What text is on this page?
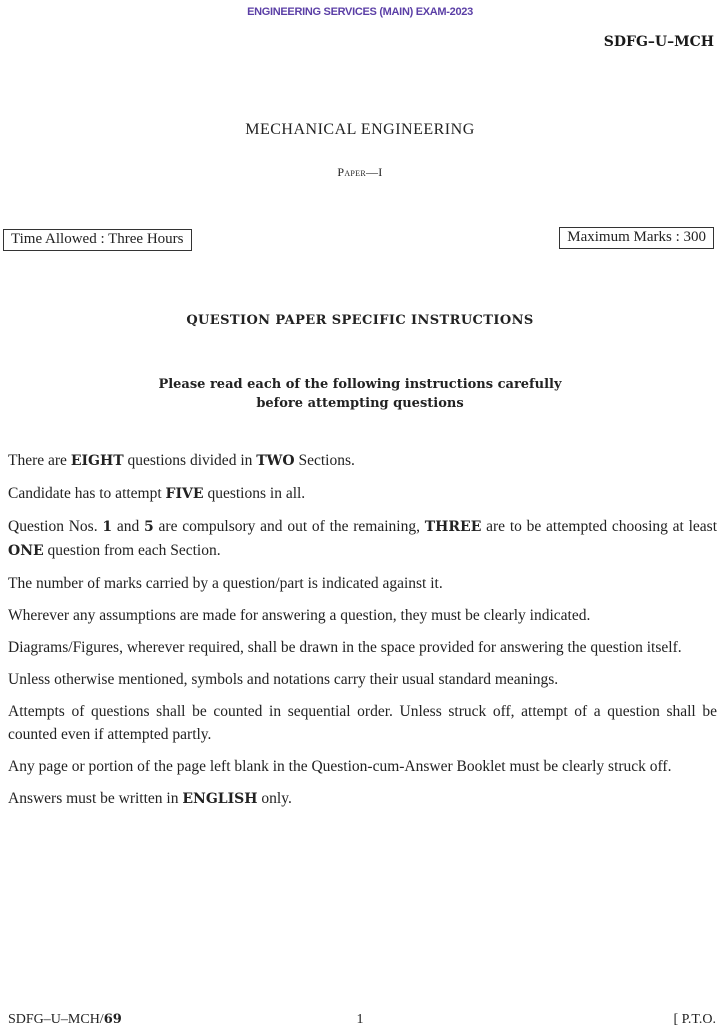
ENGINEERING SERVICES (MAIN) EXAM-2023
SDFG–U–MCH
MECHANICAL ENGINEERING
Paper—I
Time Allowed : Three Hours	Maximum Marks : 300
QUESTION PAPER SPECIFIC INSTRUCTIONS
Please read each of the following instructions carefully
before attempting questions
There are EIGHT questions divided in TWO Sections.
Candidate has to attempt FIVE questions in all.
Question Nos. 1 and 5 are compulsory and out of the remaining, THREE are to be attempted choosing at least ONE question from each Section.
The number of marks carried by a question/part is indicated against it.
Wherever any assumptions are made for answering a question, they must be clearly indicated.
Diagrams/Figures, wherever required, shall be drawn in the space provided for answering the question itself.
Unless otherwise mentioned, symbols and notations carry their usual standard meanings.
Attempts of questions shall be counted in sequential order. Unless struck off, attempt of a question shall be counted even if attempted partly.
Any page or portion of the page left blank in the Question-cum-Answer Booklet must be clearly struck off.
Answers must be written in ENGLISH only.
SDFG–U–MCH/69	1	[ P.T.O.
